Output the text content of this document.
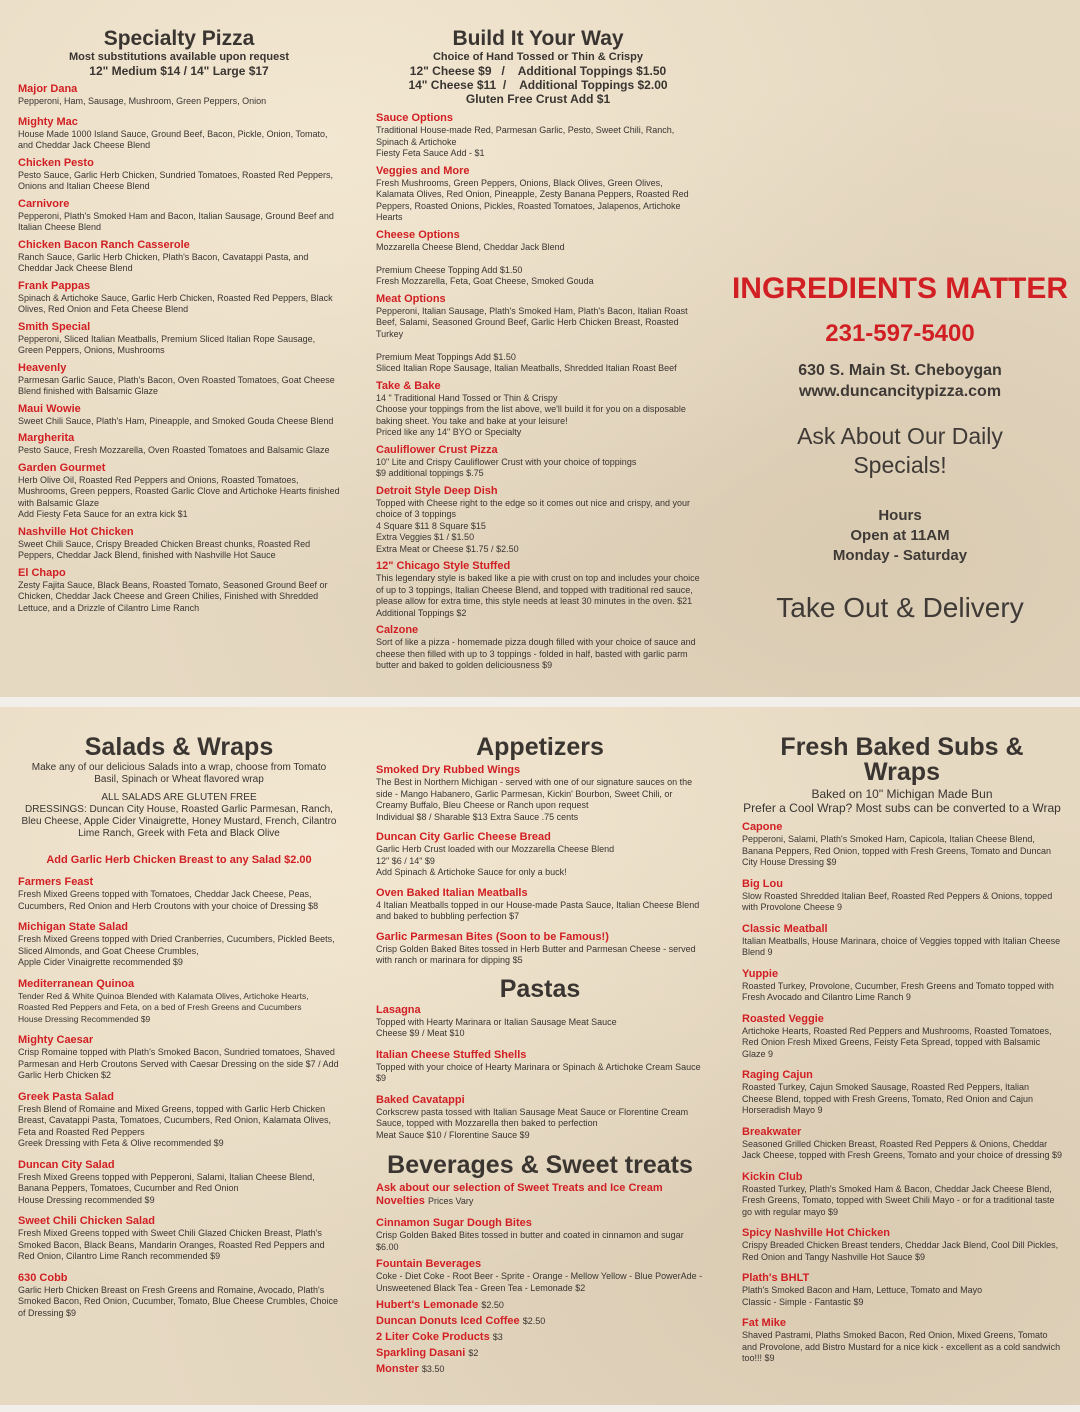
Specialty Pizza
Most substitutions available upon request
12" Medium $14 / 14" Large $17
Major Dana
Pepperoni, Ham, Sausage, Mushroom, Green Peppers, Onion
Mighty Mac
House Made 1000 Island Sauce, Ground Beef, Bacon, Pickle, Onion, Tomato, and Cheddar Jack Cheese Blend
Chicken Pesto
Pesto Sauce, Garlic Herb Chicken, Sundried Tomatoes, Roasted Red Peppers, Onions and Italian Cheese Blend
Carnivore
Pepperoni, Plath's Smoked Ham and Bacon, Italian Sausage, Ground Beef and Italian Cheese Blend
Chicken Bacon Ranch Casserole
Ranch Sauce, Garlic Herb Chicken, Plath's Bacon, Cavatappi Pasta, and Cheddar Jack Cheese Blend
Frank Pappas
Spinach & Artichoke Sauce, Garlic Herb Chicken, Roasted Red Peppers, Black Olives, Red Onion and Feta Cheese Blend
Smith Special
Pepperoni, Sliced Italian Meatballs, Premium Sliced Italian Rope Sausage, Green Peppers, Onions, Mushrooms
Heavenly
Parmesan Garlic Sauce, Plath's Bacon, Oven Roasted Tomatoes, Goat Cheese Blend finished with Balsamic Glaze
Maui Wowie
Sweet Chili Sauce, Plath's Ham, Pineapple, and Smoked Gouda Cheese Blend
Margherita
Pesto Sauce, Fresh Mozzarella, Oven Roasted Tomatoes and Balsamic Glaze
Garden Gourmet
Herb Olive Oil, Roasted Red Peppers and Onions, Roasted Tomatoes, Mushrooms, Green peppers, Roasted Garlic Clove and Artichoke Hearts finished with Balsamic Glaze
Add Fiesty Feta Sauce for an extra kick $1
Nashville Hot Chicken
Sweet Chili Sauce, Crispy Breaded Chicken Breast chunks, Roasted Red Peppers, Cheddar Jack Blend, finished with Nashville Hot Sauce
El Chapo
Zesty Fajita Sauce, Black Beans, Roasted Tomato, Seasoned Ground Beef or Chicken, Cheddar Jack Cheese and Green Chilies, Finished with Shredded Lettuce, and a Drizzle of Cilantro Lime Ranch
Build It Your Way
Choice of Hand Tossed or Thin & Crispy
12" Cheese $9   /    Additional Toppings $1.50
14" Cheese $11  /    Additional Toppings $2.00
Gluten Free Crust Add $1
Sauce Options
Traditional House-made Red, Parmesan Garlic, Pesto, Sweet Chili, Ranch, Spinach & Artichoke
Fiesty Feta Sauce Add - $1
Veggies and More
Fresh Mushrooms, Green Peppers, Onions, Black Olives, Green Olives, Kalamata Olives, Red Onion, Pineapple, Zesty Banana Peppers, Roasted Red Peppers, Roasted Onions, Pickles, Roasted Tomatoes, Jalapenos, Artichoke Hearts
Cheese Options
Mozzarella Cheese Blend, Cheddar Jack Blend

Premium Cheese Topping Add $1.50
Fresh Mozzarella, Feta, Goat Cheese, Smoked Gouda
Meat Options
Pepperoni, Italian Sausage, Plath's Smoked Ham, Plath's Bacon, Italian Roast Beef, Salami, Seasoned Ground Beef, Garlic Herb Chicken Breast, Roasted Turkey

Premium Meat Toppings Add $1.50
Sliced Italian Rope Sausage, Italian Meatballs, Shredded Italian Roast Beef
Take & Bake
14 " Traditional Hand Tossed or Thin & Crispy
Choose your toppings from the list above, we'll build it for you on a disposable baking sheet. You take and bake at your leisure!
Priced like any 14" BYO or Specialty
Cauliflower Crust Pizza
10" Lite and Crispy Cauliflower Crust with your choice of toppings
$9 additional toppings $.75
Detroit Style Deep Dish
Topped with Cheese right to the edge so it comes out nice and crispy, and your choice of 3 toppings
4 Square $11 8 Square $15
Extra Veggies $1 / $1.50
Extra Meat or Cheese $1.75 / $2.50
12" Chicago Style Stuffed
This legendary style is baked like a pie with crust on top and includes your choice of up to 3 toppings, Italian Cheese Blend, and topped with traditional red sauce, please allow for extra time, this style needs at least 30 minutes in the oven. $21 Additional Toppings $2
Calzone
Sort of like a pizza - homemade pizza dough filled with your choice of sauce and cheese then filled with up to 3 toppings - folded in half, basted with garlic parm butter and baked to golden deliciousness $9
INGREDIENTS MATTER
231-597-5400
630 S. Main St. Cheboygan
www.duncancitypizza.com
Ask About Our Daily
Specials!
Hours
Open at 11AM
Monday - Saturday
Take Out & Delivery
Salads & Wraps
Make any of our delicious Salads into a wrap, choose from Tomato Basil, Spinach or Wheat flavored wrap
ALL SALADS ARE GLUTEN FREE
DRESSINGS: Duncan City House, Roasted Garlic Parmesan, Ranch, Bleu Cheese, Apple Cider Vinaigrette, Honey Mustard, French, Cilantro Lime Ranch, Greek with Feta and Black Olive
Add Garlic Herb Chicken Breast to any Salad $2.00
Farmers Feast
Fresh Mixed Greens topped with Tomatoes, Cheddar Jack Cheese, Peas, Cucumbers, Red Onion and Herb Croutons with your choice of Dressing $8
Michigan State Salad
Fresh Mixed Greens topped with Dried Cranberries, Cucumbers, Pickled Beets, Sliced Almonds, and Goat Cheese Crumbles,
Apple Cider Vinaigrette recommended $9
Mediterranean Quinoa
Tender Red & White Quinoa Blended with Kalamata Olives, Artichoke Hearts, Roasted Red Peppers and Feta, on a bed of Fresh Greens and Cucumbers
House Dressing Recommended $9
Mighty Caesar
Crisp Romaine topped with Plath's Smoked Bacon, Sundried tomatoes, Shaved Parmesan and Herb Croutons Served with Caesar Dressing on the side $7 / Add Garlic Herb Chicken $2
Greek Pasta Salad
Fresh Blend of Romaine and Mixed Greens, topped with Garlic Herb Chicken Breast, Cavatappi Pasta, Tomatoes, Cucumbers, Red Onion, Kalamata Olives, Feta and Roasted Red Peppers
Greek Dressing with Feta & Olive recommended $9
Duncan City Salad
Fresh Mixed Greens topped with Pepperoni, Salami, Italian Cheese Blend, Banana Peppers, Tomatoes, Cucumber and Red Onion
House Dressing recommended $9
Sweet Chili Chicken Salad
Fresh Mixed Greens topped with Sweet Chili Glazed Chicken Breast, Plath's Smoked Bacon, Black Beans, Mandarin Oranges, Roasted Red Peppers and Red Onion, Cilantro Lime Ranch recommended $9
630 Cobb
Garlic Herb Chicken Breast on Fresh Greens and Romaine, Avocado, Plath's Smoked Bacon, Red Onion, Cucumber, Tomato, Blue Cheese Crumbles, Choice of Dressing $9
Appetizers
Smoked Dry Rubbed Wings
The Best in Northern Michigan - served with one of our signature sauces on the side - Mango Habanero, Garlic Parmesan, Kickin' Bourbon, Sweet Chili, or Creamy Buffalo, Bleu Cheese or Ranch upon request
Individual $8 / Sharable $13 Extra Sauce .75 cents
Duncan City Garlic Cheese Bread
Garlic Herb Crust loaded with our Mozzarella Cheese Blend
12" $6 / 14" $9
Add Spinach & Artichoke Sauce for only a buck!
Oven Baked Italian Meatballs
4 Italian Meatballs topped in our House-made Pasta Sauce, Italian Cheese Blend and baked to bubbling perfection $7
Garlic Parmesan Bites (Soon to be Famous!)
Crisp Golden Baked Bites tossed in Herb Butter and Parmesan Cheese - served with ranch or marinara for dipping $5
Pastas
Lasagna
Topped with Hearty Marinara or Italian Sausage Meat Sauce
Cheese $9 / Meat $10
Italian Cheese Stuffed Shells
Topped with your choice of Hearty Marinara or Spinach & Artichoke Cream Sauce $9
Baked Cavatappi
Corkscrew pasta tossed with Italian Sausage Meat Sauce or Florentine Cream Sauce, topped with Mozzarella then baked to perfection
Meat Sauce $10 / Florentine Sauce $9
Beverages & Sweet treats
Ask about our selection of Sweet Treats and Ice Cream
Novelties Prices Vary
Cinnamon Sugar Dough Bites
Crisp Golden Baked Bites tossed in butter and coated in cinnamon and sugar
$6.00
Fountain Beverages
Coke - Diet Coke - Root Beer - Sprite - Orange - Mellow Yellow - Blue PowerAde - Unsweetened Black Tea - Green Tea - Lemonade $2
Hubert's Lemonade $2.50
Duncan Donuts Iced Coffee $2.50
2 Liter Coke Products $3
Sparkling Dasani $2
Monster $3.50
Fresh Baked Subs & Wraps
Baked on 10" Michigan Made Bun
Prefer a Cool Wrap? Most subs can be converted to a Wrap
Capone
Pepperoni, Salami, Plath's Smoked Ham, Capicola, Italian Cheese Blend, Banana Peppers, Red Onion, topped with Fresh Greens, Tomato and Duncan City House Dressing $9
Big Lou
Slow Roasted Shredded Italian Beef, Roasted Red Peppers & Onions, topped with Provolone Cheese 9
Classic Meatball
Italian Meatballs, House Marinara, choice of Veggies topped with Italian Cheese Blend 9
Yuppie
Roasted Turkey, Provolone, Cucumber, Fresh Greens and Tomato topped with Fresh Avocado and Cilantro Lime Ranch 9
Roasted Veggie
Artichoke Hearts, Roasted Red Peppers and Mushrooms, Roasted Tomatoes, Red Onion Fresh Mixed Greens, Feisty Feta Spread, topped with Balsamic Glaze 9
Raging Cajun
Roasted Turkey, Cajun Smoked Sausage, Roasted Red Peppers, Italian Cheese Blend, topped with Fresh Greens, Tomato, Red Onion and Cajun Horseradish Mayo 9
Breakwater
Seasoned Grilled Chicken Breast, Roasted Red Peppers & Onions, Cheddar Jack Cheese, topped with Fresh Greens, Tomato and your choice of dressing $9
Kickin Club
Roasted Turkey, Plath's Smoked Ham & Bacon, Cheddar Jack Cheese Blend, Fresh Greens, Tomato, topped with Sweet Chili Mayo - or for a traditional taste go with regular mayo $9
Spicy Nashville Hot Chicken
Crispy Breaded Chicken Breast tenders, Cheddar Jack Blend, Cool Dill Pickles, Red Onion and Tangy Nashville Hot Sauce $9
Plath's BHLT
Plath's Smoked Bacon and Ham, Lettuce, Tomato and Mayo
Classic - Simple - Fantastic $9
Fat Mike
Shaved Pastrami, Plaths Smoked Bacon, Red Onion, Mixed Greens, Tomato and Provolone, add Bistro Mustard for a nice kick - excellent as a cold sandwich too!!! $9
